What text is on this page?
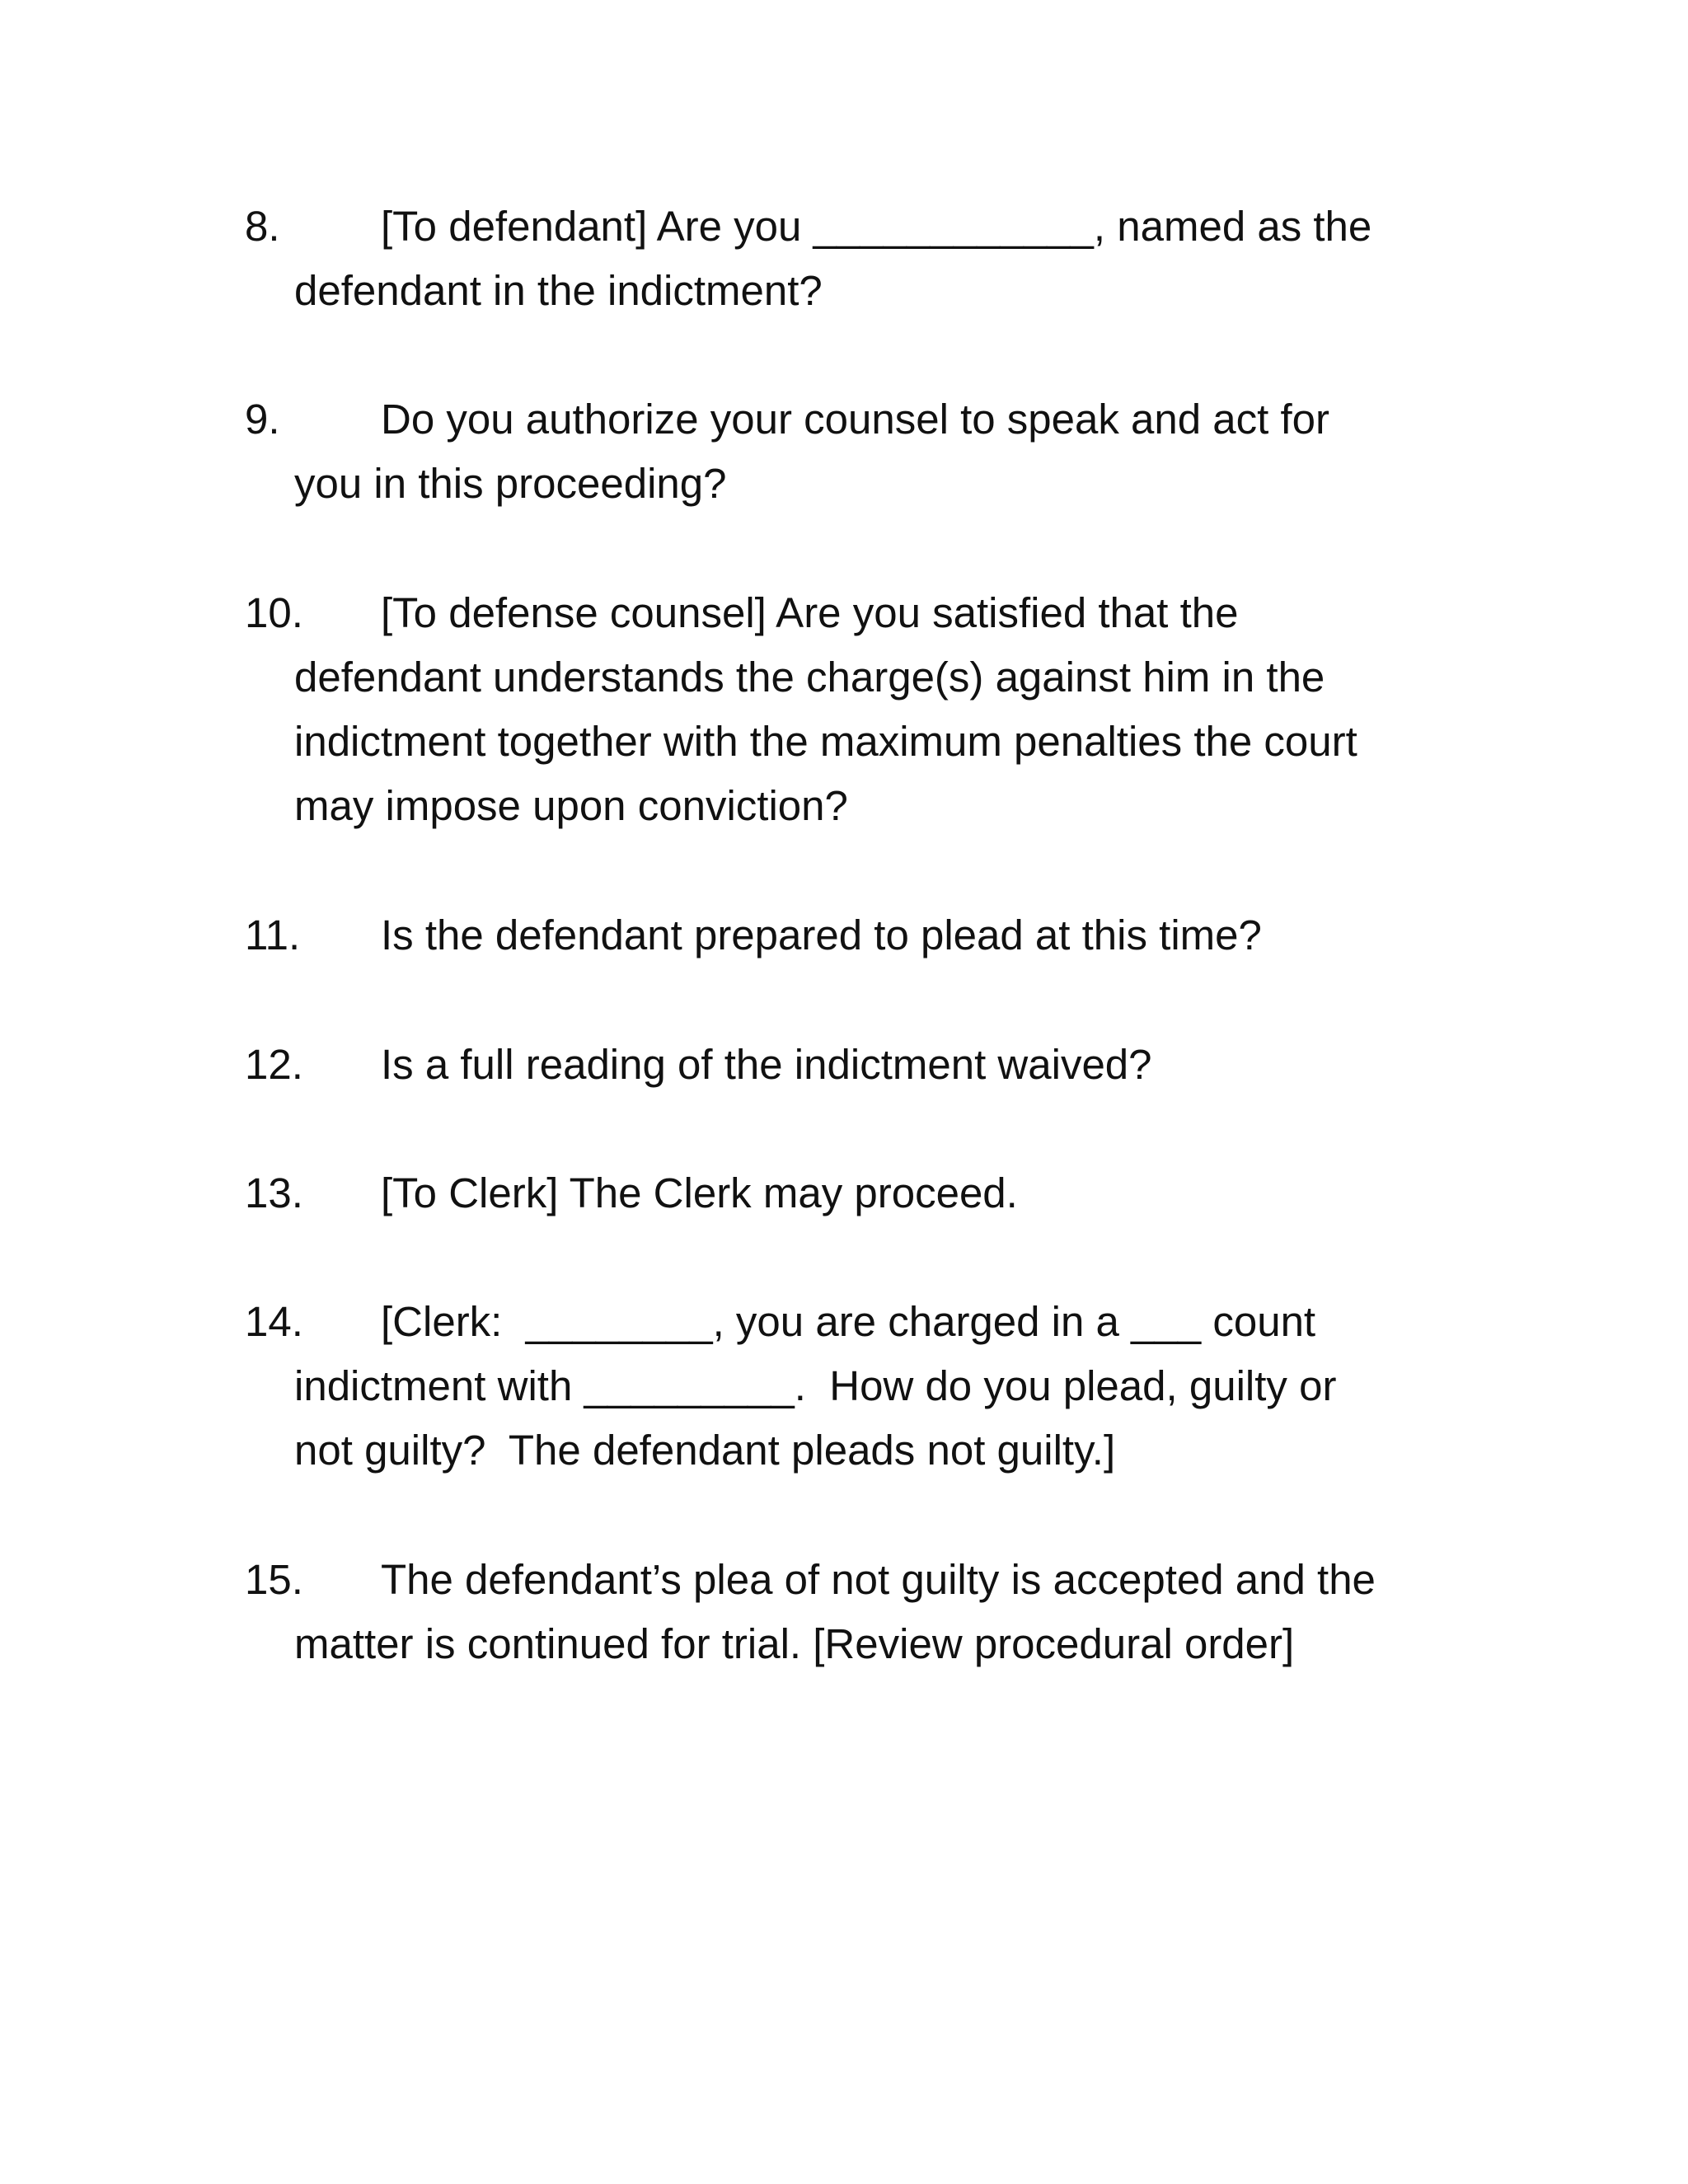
8. [To defendant] Are you ____________, named as the
defendant in the indictment?
9. Do you authorize your counsel to speak and act for
you in this proceeding?
10. [To defense counsel] Are you satisfied that the
defendant understands the charge(s) against him in the
indictment together with the maximum penalties the court
may impose upon conviction?
11. Is the defendant prepared to plead at this time?
12. Is a full reading of the indictment waived?
13. [To Clerk] The Clerk may proceed.
14. [Clerk:  ________, you are charged in a ___ count
indictment with _________.  How do you plead, guilty or
not guilty?  The defendant pleads not guilty.]
15. The defendant’s plea of not guilty is accepted and the
matter is continued for trial. [Review procedural order]
